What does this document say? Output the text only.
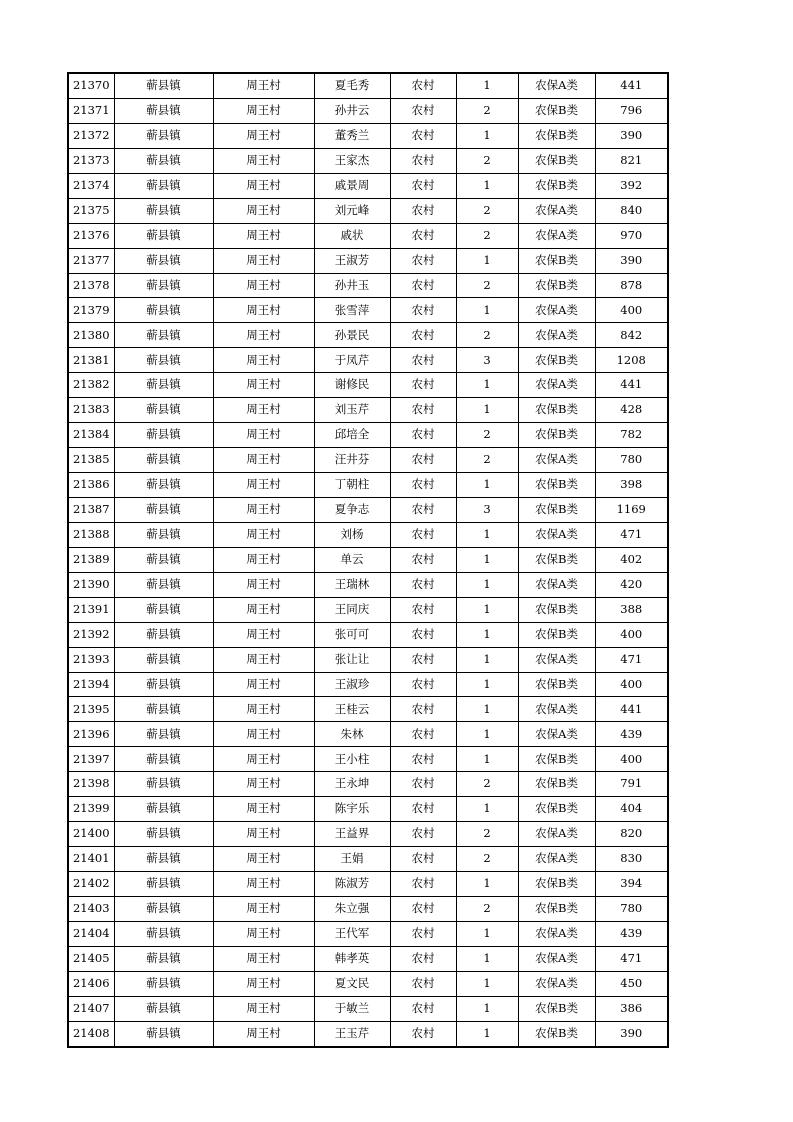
21370	蕲县镇	周王村	夏毛秀	农村	1	农保A类	441
21371	蕲县镇	周王村	孙井云	农村	2	农保B类	796
21372	蕲县镇	周王村	董秀兰	农村	1	农保B类	390
21373	蕲县镇	周王村	王家杰	农村	2	农保B类	821
21374	蕲县镇	周王村	戚景周	农村	1	农保B类	392
21375	蕲县镇	周王村	刘元峰	农村	2	农保A类	840
21376	蕲县镇	周王村	戚状	农村	2	农保A类	970
21377	蕲县镇	周王村	王淑芳	农村	1	农保B类	390
21378	蕲县镇	周王村	孙井玉	农村	2	农保B类	878
21379	蕲县镇	周王村	张雪萍	农村	1	农保A类	400
21380	蕲县镇	周王村	孙景民	农村	2	农保A类	842
21381	蕲县镇	周王村	于凤芹	农村	3	农保B类	1208
21382	蕲县镇	周王村	谢修民	农村	1	农保A类	441
21383	蕲县镇	周王村	刘玉芹	农村	1	农保B类	428
21384	蕲县镇	周王村	邱培全	农村	2	农保B类	782
21385	蕲县镇	周王村	汪井芬	农村	2	农保A类	780
21386	蕲县镇	周王村	丁朝柱	农村	1	农保B类	398
21387	蕲县镇	周王村	夏争志	农村	3	农保B类	1169
21388	蕲县镇	周王村	刘杨	农村	1	农保A类	471
21389	蕲县镇	周王村	单云	农村	1	农保B类	402
21390	蕲县镇	周王村	王瑞林	农村	1	农保A类	420
21391	蕲县镇	周王村	王同庆	农村	1	农保B类	388
21392	蕲县镇	周王村	张可可	农村	1	农保B类	400
21393	蕲县镇	周王村	张让让	农村	1	农保A类	471
21394	蕲县镇	周王村	王淑珍	农村	1	农保B类	400
21395	蕲县镇	周王村	王桂云	农村	1	农保A类	441
21396	蕲县镇	周王村	朱林	农村	1	农保A类	439
21397	蕲县镇	周王村	王小柱	农村	1	农保B类	400
21398	蕲县镇	周王村	王永坤	农村	2	农保B类	791
21399	蕲县镇	周王村	陈宇乐	农村	1	农保B类	404
21400	蕲县镇	周王村	王益界	农村	2	农保A类	820
21401	蕲县镇	周王村	王娟	农村	2	农保A类	830
21402	蕲县镇	周王村	陈淑芳	农村	1	农保B类	394
21403	蕲县镇	周王村	朱立强	农村	2	农保B类	780
21404	蕲县镇	周王村	王代军	农村	1	农保A类	439
21405	蕲县镇	周王村	韩孝英	农村	1	农保A类	471
21406	蕲县镇	周王村	夏文民	农村	1	农保A类	450
21407	蕲县镇	周王村	于敏兰	农村	1	农保B类	386
21408	蕲县镇	周王村	王玉芹	农村	1	农保B类	390
